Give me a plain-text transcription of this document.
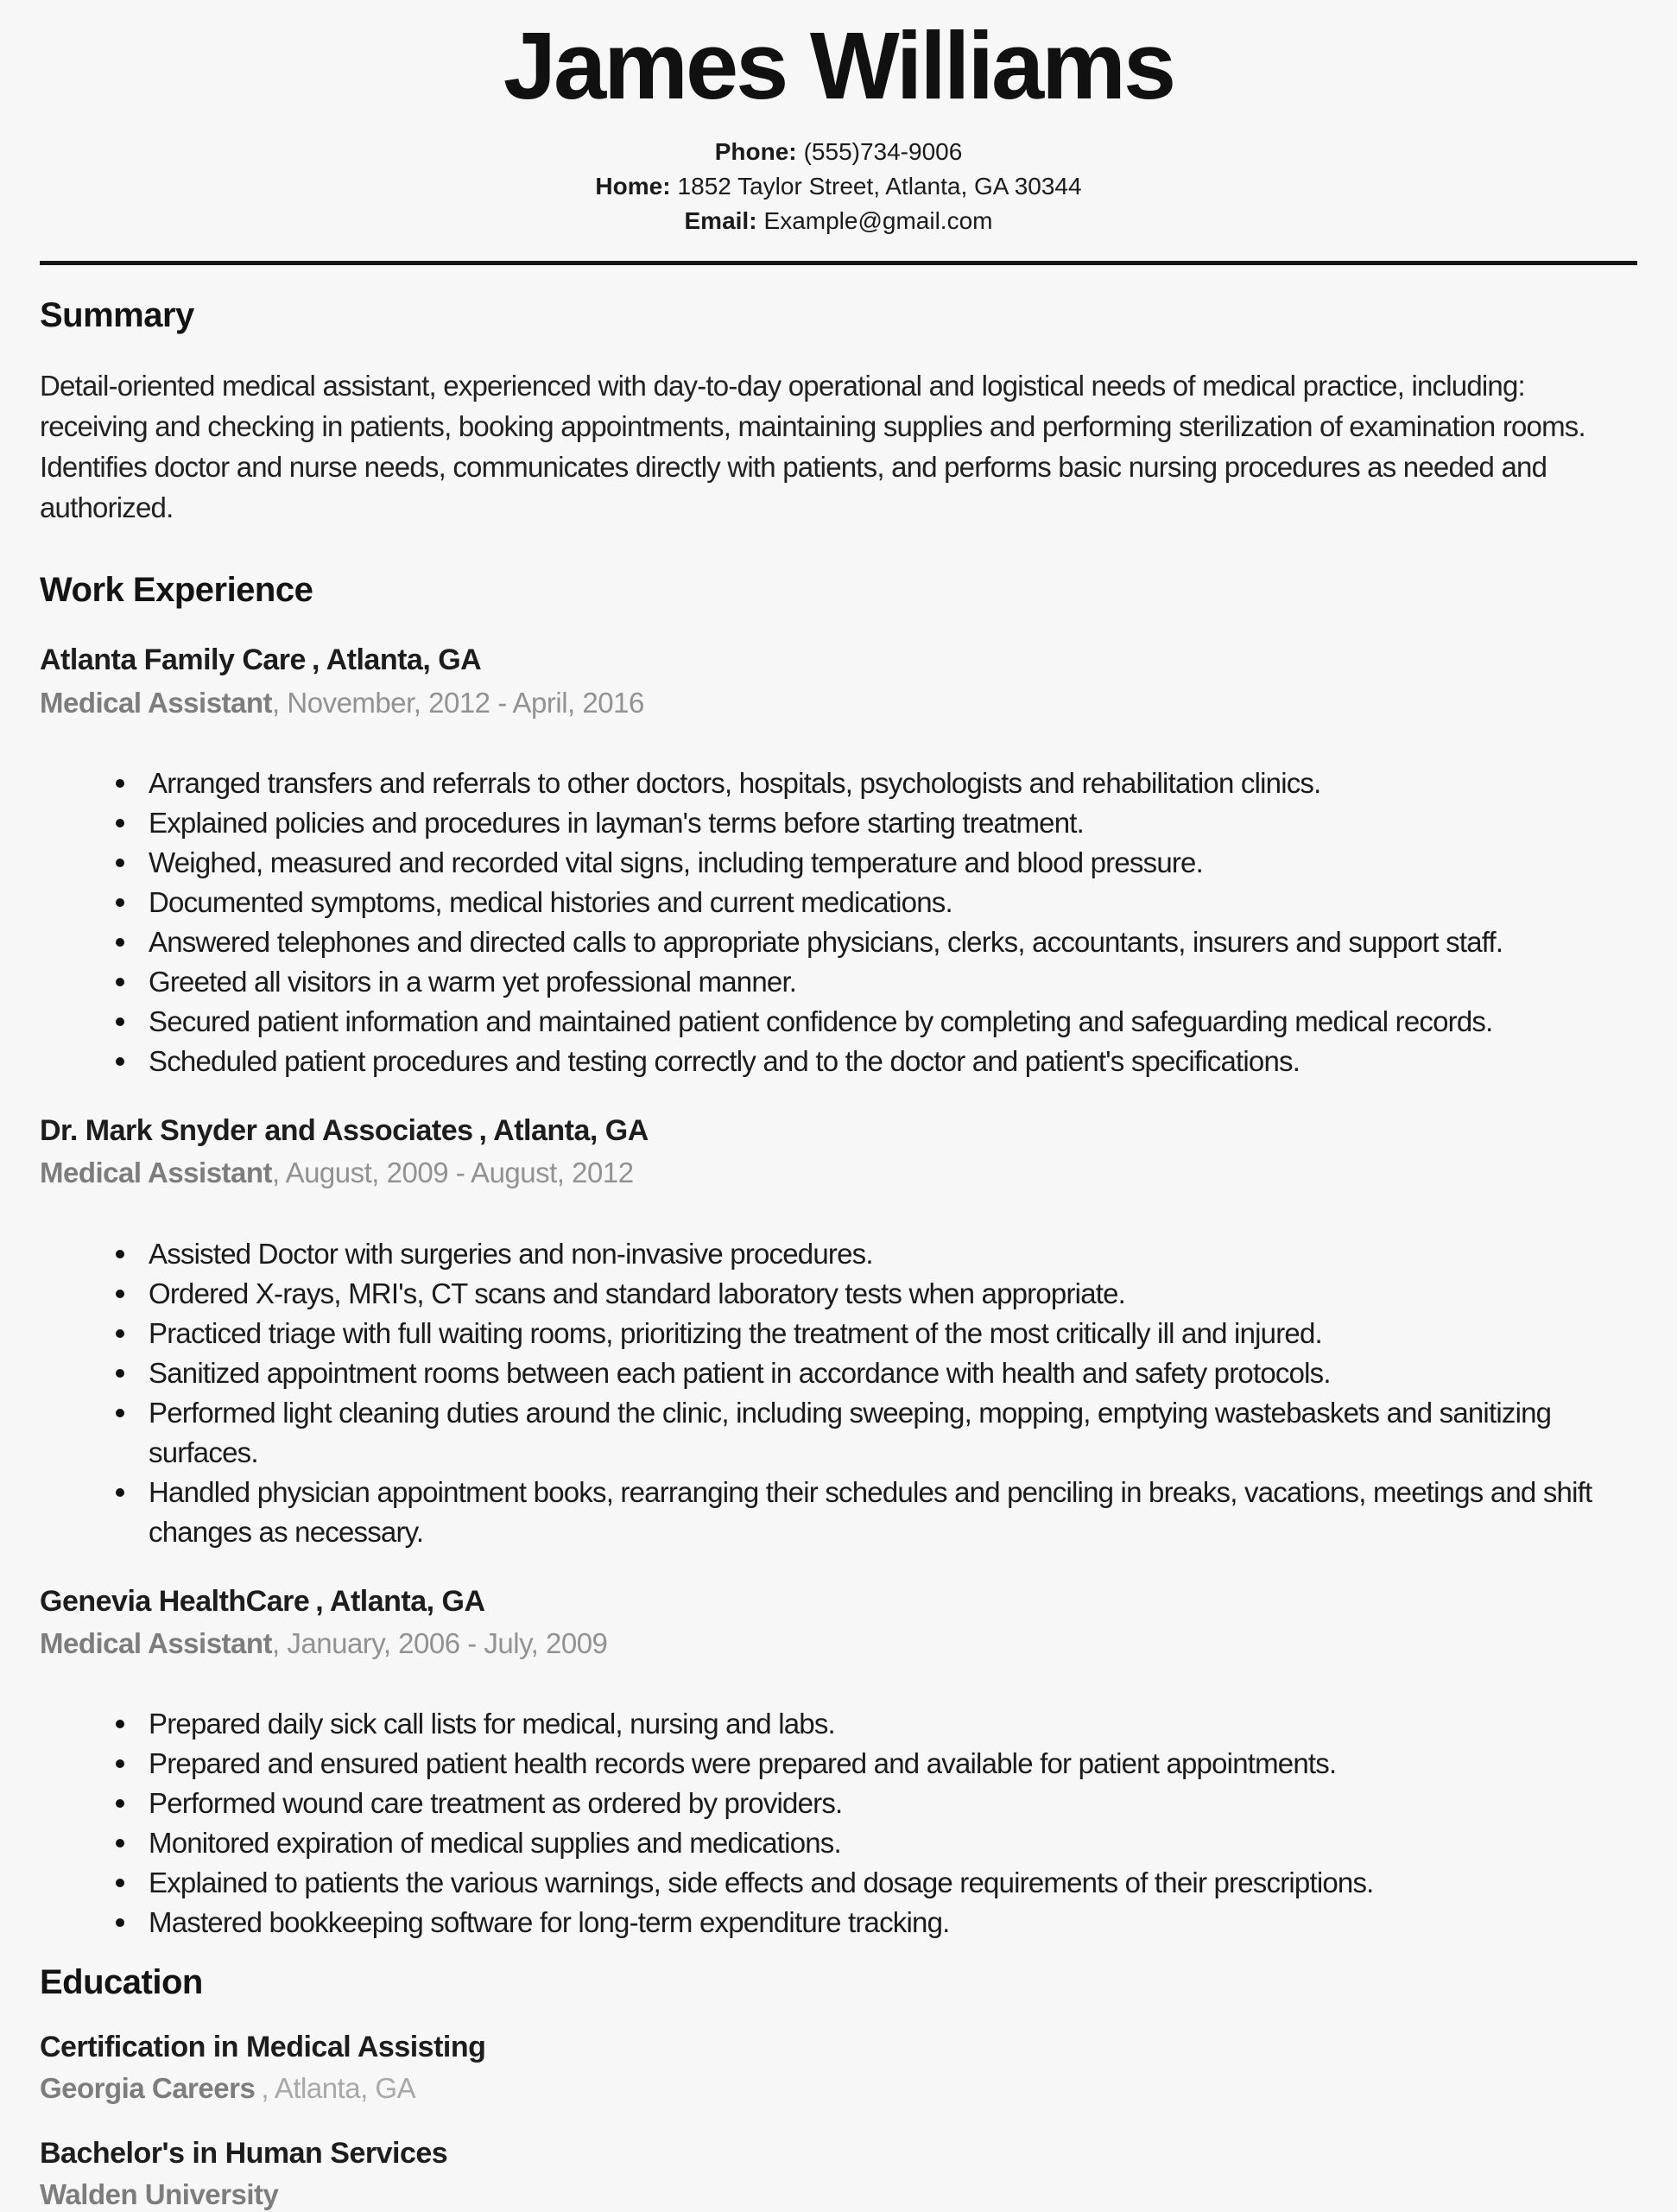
James Williams
Phone: (555)734-9006
Home: 1852 Taylor Street, Atlanta, GA 30344
Email: Example@gmail.com
Summary

Detail-oriented medical assistant, experienced with day-to-day operational and logistical needs of medical practice, including: receiving and checking in patients, booking appointments, maintaining supplies and performing sterilization of examination rooms. Identifies doctor and nurse needs, communicates directly with patients, and performs basic nursing procedures as needed and authorized.

Work Experience
Atlanta Family Care , Atlanta, GA
Medical Assistant, November, 2012 - April, 2016
Arranged transfers and referrals to other doctors, hospitals, psychologists and rehabilitation clinics.
Explained policies and procedures in layman's terms before starting treatment.
Weighed, measured and recorded vital signs, including temperature and blood pressure.
Documented symptoms, medical histories and current medications.
Answered telephones and directed calls to appropriate physicians, clerks, accountants, insurers and support staff.
Greeted all visitors in a warm yet professional manner.
Secured patient information and maintained patient confidence by completing and safeguarding medical records.
Scheduled patient procedures and testing correctly and to the doctor and patient's specifications.
Dr. Mark Snyder and Associates , Atlanta, GA
Medical Assistant, August, 2009 - August, 2012
Assisted Doctor with surgeries and non-invasive procedures.
Ordered X-rays, MRI's, CT scans and standard laboratory tests when appropriate.
Practiced triage with full waiting rooms, prioritizing the treatment of the most critically ill and injured.
Sanitized appointment rooms between each patient in accordance with health and safety protocols.
Performed light cleaning duties around the clinic, including sweeping, mopping, emptying wastebaskets and sanitizing surfaces.
Handled physician appointment books, rearranging their schedules and penciling in breaks, vacations, meetings and shift changes as necessary.
Genevia HealthCare , Atlanta, GA
Medical Assistant, January, 2006 - July, 2009
Prepared daily sick call lists for medical, nursing and labs.
Prepared and ensured patient health records were prepared and available for patient appointments.
Performed wound care treatment as ordered by providers.
Monitored expiration of medical supplies and medications.
Explained to patients the various warnings, side effects and dosage requirements of their prescriptions.
Mastered bookkeeping software for long-term expenditure tracking.
Education
Certification in Medical Assisting
Georgia Careers , Atlanta, GA
Bachelor's in Human Services
Walden University
